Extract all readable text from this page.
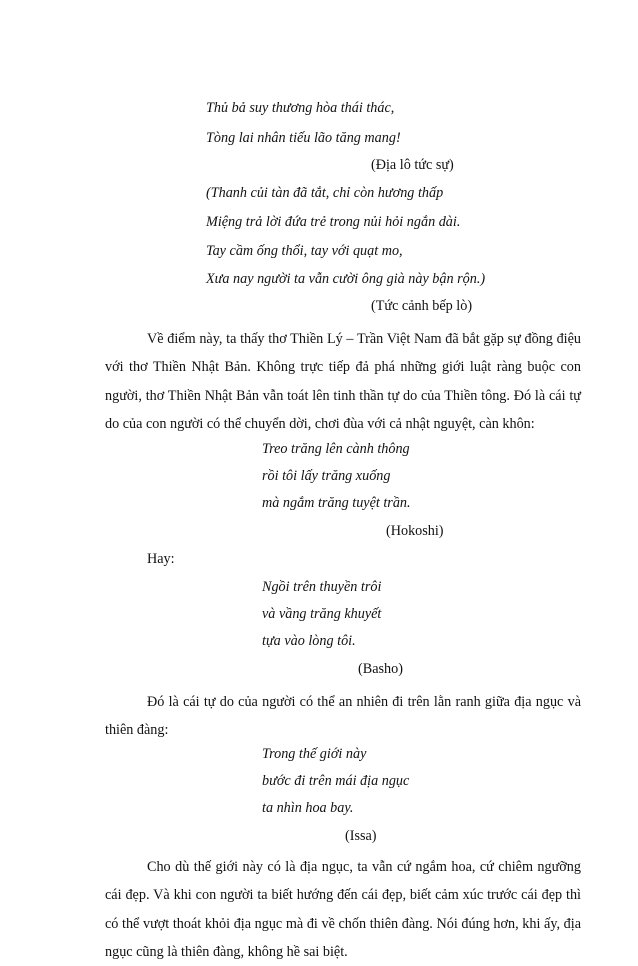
Thủ bả suy thương hòa thái thác,

Tòng lai nhân tiếu lão tăng mang!

(Địa lô tức sự)

(Thanh củi tàn đã tắt, chỉ còn hương thấp

Miệng trả lời đứa trẻ trong nủi hỏi ngắn dài.

Tay cầm ống thổi, tay với quạt mo,

Xưa nay người ta vẫn cười ông già này bận rộn.)

(Tức cảnh bếp lò)

Về điểm này, ta thấy thơ Thiền Lý – Trần Việt Nam đã bắt gặp sự đồng điệu với thơ Thiền Nhật Bản. Không trực tiếp đả phá những giới luật ràng buộc con người, thơ Thiền Nhật Bản vẫn toát lên tinh thần tự do của Thiền tông. Đó là cái tự do của con người có thể chuyển dời, chơi đùa với cả nhật nguyệt, càn khôn:

Treo trăng lên cành thông

rồi tôi lấy trăng xuống

mà ngắm trăng tuyệt trần.

(Hokoshi)

Hay:

Ngồi trên thuyền trôi

và vầng trăng khuyết

tựa vào lòng tôi.

(Basho)

Đó là cái tự do của người có thể an nhiên đi trên lằn ranh giữa địa ngục và thiên đàng:

Trong thế giới này

bước đi trên mái địa ngục

ta nhìn hoa bay.

(Issa)

Cho dù thế giới này có là địa ngục, ta vẫn cứ ngắm hoa, cứ chiêm ngưỡng cái đẹp. Và khi con người ta biết hướng đến cái đẹp, biết cảm xúc trước cái đẹp thì có thể vượt thoát khỏi địa ngục mà đi về chốn thiên đàng. Nói đúng hơn, khi ấy, địa ngục cũng là thiên đàng, không hề sai biệt.
